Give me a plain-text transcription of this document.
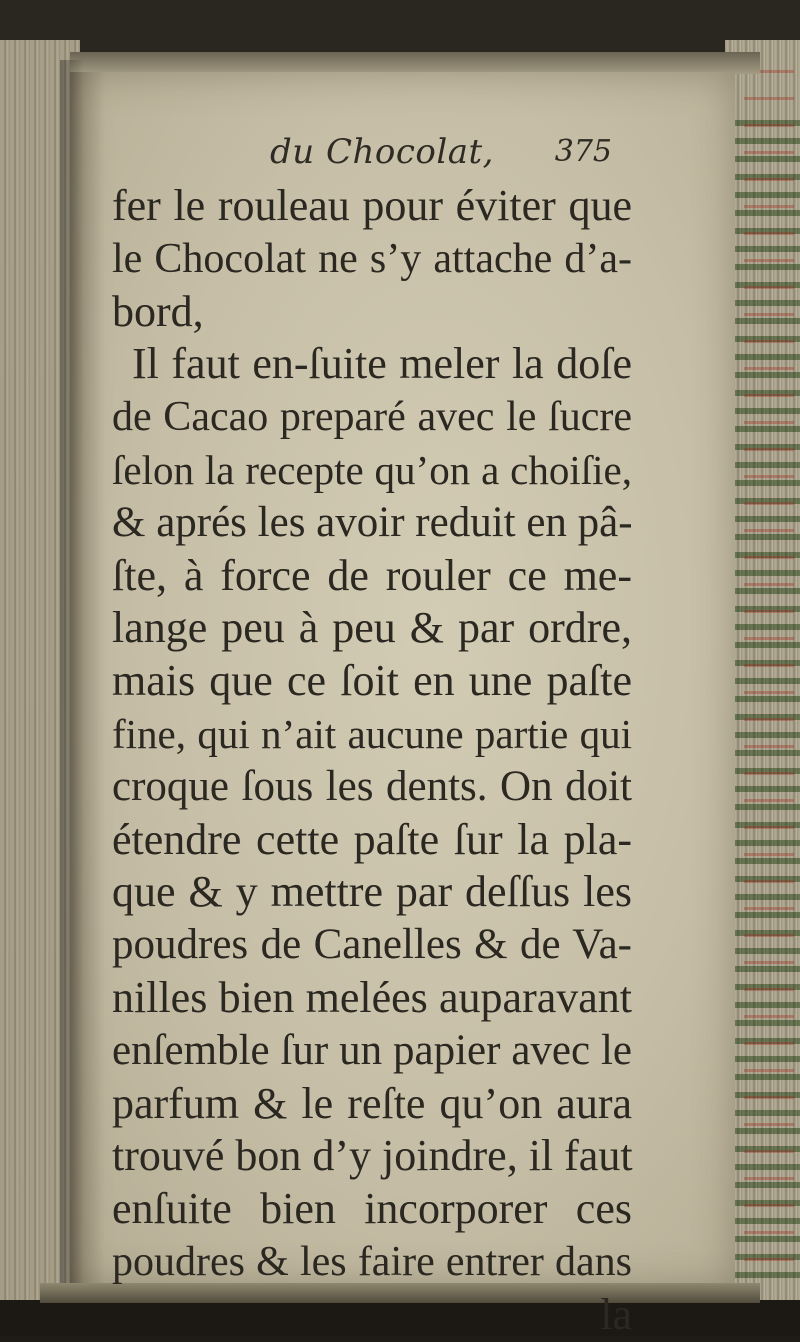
du Chocolat, 375
fer le rouleau pour éviter que
le Chocolat ne s’y attache d’a-
bord,
Il faut en-ſuite meler la doſe
de Cacao preparé avec le ſucre
ſelon la recepte qu’on a choiſie,
& aprés les avoir reduit en pâ-
ſte, à force de rouler ce me-
lange peu à peu & par ordre,
mais que ce ſoit en une paſte
fine, qui n’ait aucune partie qui
croque ſous les dents. On doit
étendre cette paſte ſur la pla-
que & y mettre par deſſus les
poudres de Canelles & de Va-
nilles bien melées auparavant
enſemble ſur un papier avec le
parfum & le reſte qu’on aura
trouvé bon d’y joindre, il faut
enſuite bien incorporer ces
poudres & les faire entrer dans
la
